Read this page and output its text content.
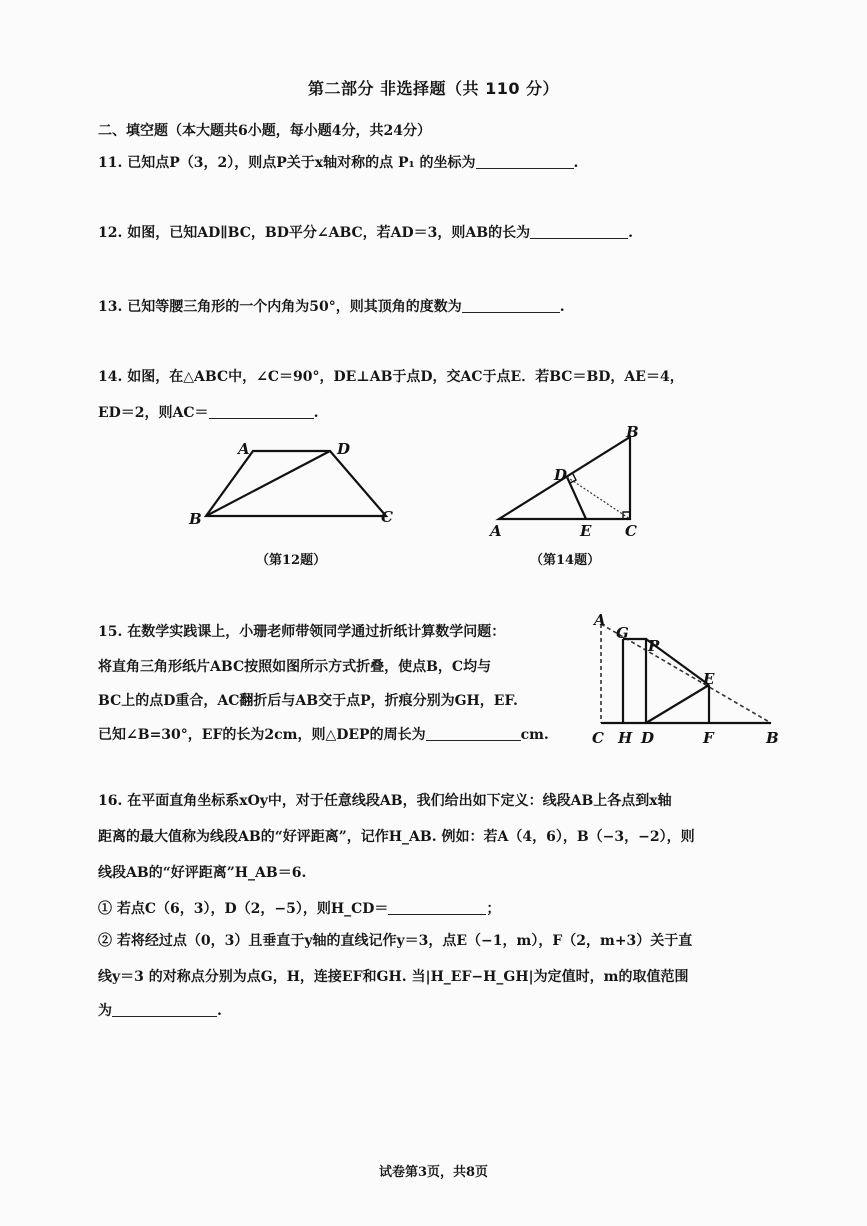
第二部分 非选择题（共 110 分）
二、填空题（本大题共6小题，每小题4分，共24分）
11. 已知点P（3，2），则点P关于x轴对称的点 P₁ 的坐标为	.
12. 如图，已知AD∥BC，BD平分∠ABC，若AD＝3，则AB的长为	.
13. 已知等腰三角形的一个内角为50°，则其顶角的度数为	.
14. 如图，在△ABC中，∠C＝90°，DE⊥AB于点D，交AC于点E．若BC＝BD，AE＝4，
ED＝2，则AC＝	.
A	D
B	C
（第12题）
B
D
A	E C
（第14题）
15. 在数学实践课上，小珊老师带领同学通过折纸计算数学问题：
将直角三角形纸片ABC按照如图所示方式折叠，使点B，C均与
BC上的点D重合，AC翻折后与AB交于点P，折痕分别为GH，EF.
已知∠B=30°，EF的长为2cm，则△DEP的周长为	cm.
A
G
P
E
C H D	F	B
16. 在平面直角坐标系xOy中，对于任意线段AB，我们给出如下定义：线段AB上各点到x轴
距离的最大值称为线段AB的“好评距离”，记作H_AB. 例如：若A（4，6），B（−3，−2），则
线段AB的“好评距离”H_AB＝6.
① 若点C（6，3），D（2，−5），则H_CD＝	；
② 若将经过点（0，3）且垂直于y轴的直线记作y＝3，点E（−1，m），F（2，m+3）关于直
线y＝3 的对称点分别为点G，H，连接EF和GH. 当|H_EF−H_GH|为定值时，m的取值范围
为	.
试卷第3页，共8页
